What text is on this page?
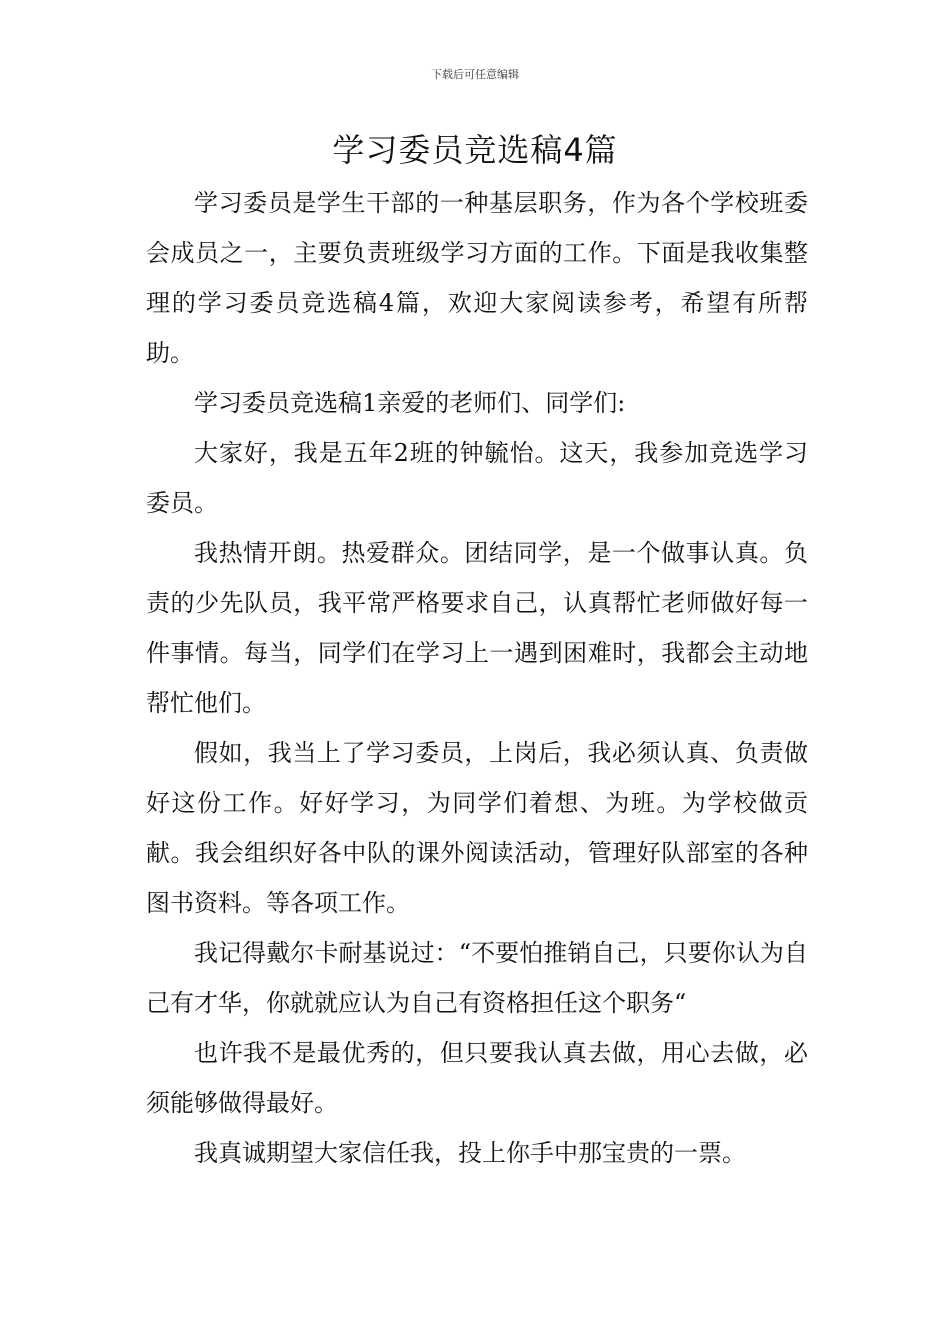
下载后可任意编辑
学习委员竞选稿4篇

学习委员是学生干部的一种基层职务，作为各个学校班委会成员之一，主要负责班级学习方面的工作。下面是我收集整理的学习委员竞选稿4篇，欢迎大家阅读参考，希望有所帮助。

学习委员竞选稿1亲爱的老师们、同学们:

大家好，我是五年2班的钟毓怡。这天，我参加竞选学习委员。

我热情开朗。热爱群众。团结同学，是一个做事认真。负责的少先队员，我平常严格要求自己，认真帮忙老师做好每一件事情。每当，同学们在学习上一遇到困难时，我都会主动地帮忙他们。

假如，我当上了学习委员，上岗后，我必须认真、负责做好这份工作。好好学习，为同学们着想、为班。为学校做贡献。我会组织好各中队的课外阅读活动，管理好队部室的各种图书资料。等各项工作。

我记得戴尔卡耐基说过：“不要怕推销自己，只要你认为自己有才华，你就就应认为自己有资格担任这个职务“

也许我不是最优秀的，但只要我认真去做，用心去做，必须能够做得最好。

我真诚期望大家信任我，投上你手中那宝贵的一票。
